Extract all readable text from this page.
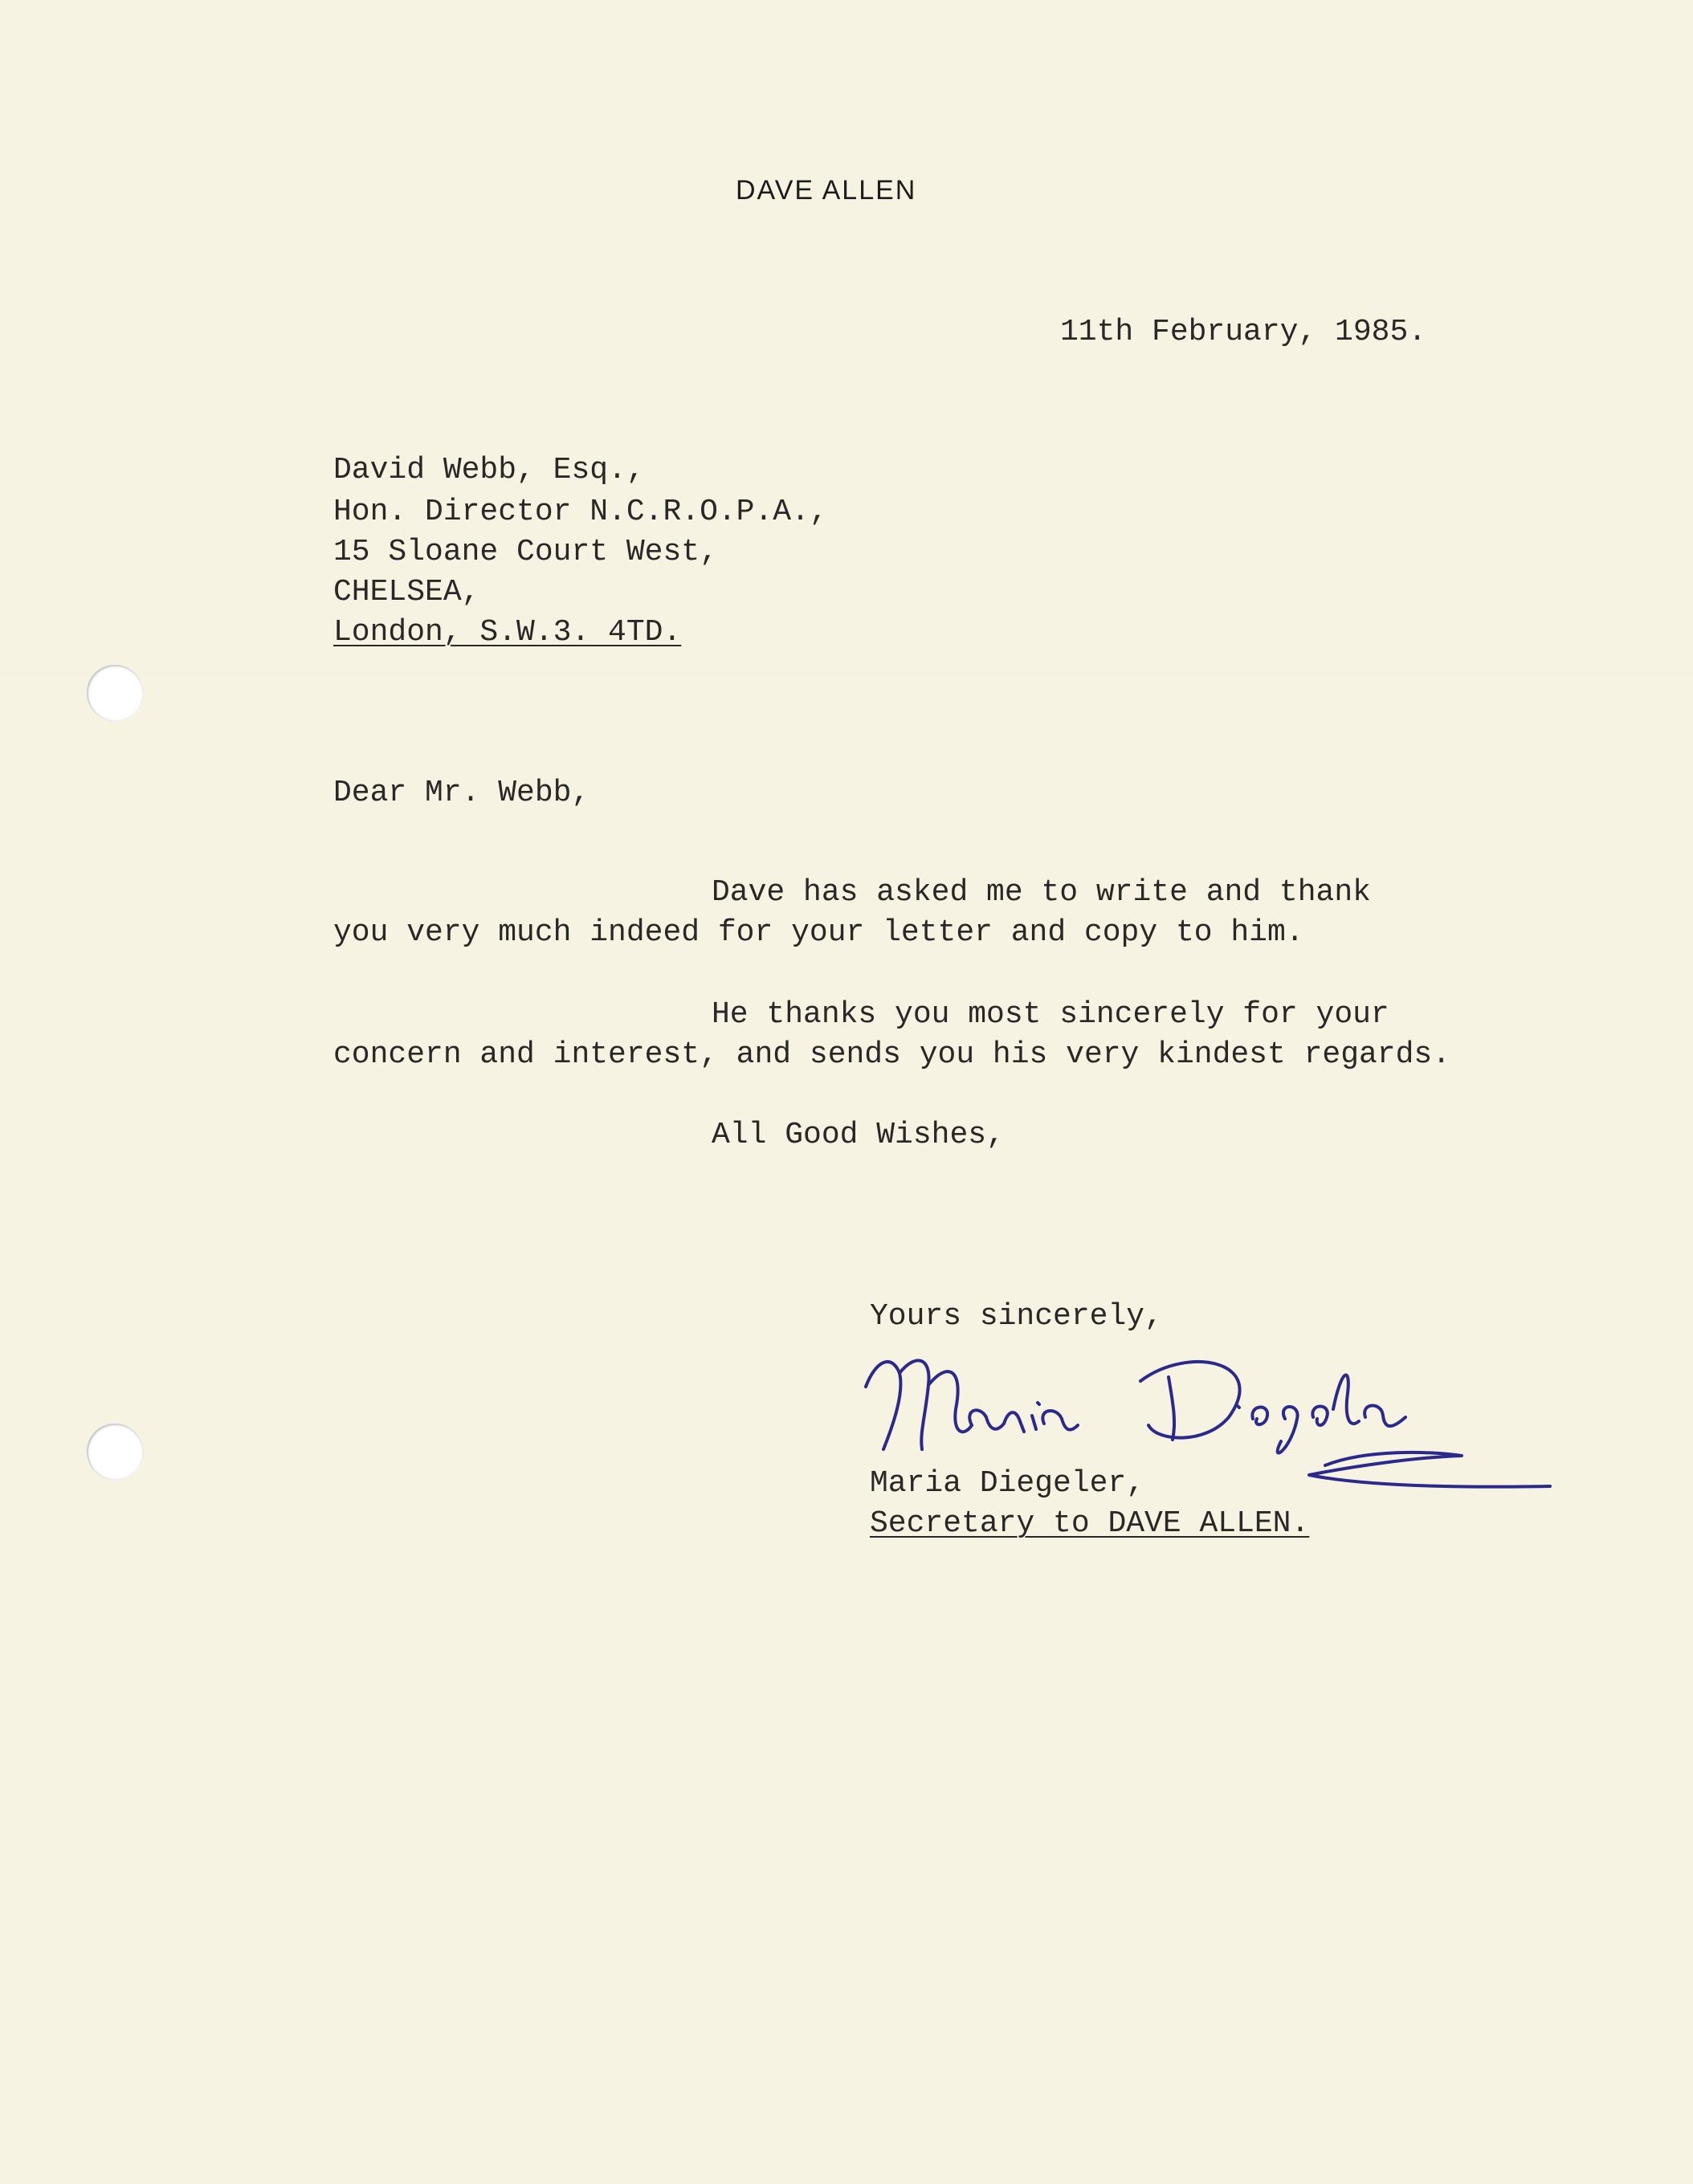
DAVE ALLEN
11th February, 1985.
David Webb, Esq.,
Hon. Director N.C.R.O.P.A.,
15 Sloane Court West,
CHELSEA,
London, S.W.3. 4TD.
Dear Mr. Webb,
Dave has asked me to write and thank
you very much indeed for your letter and copy to him.
He thanks you most sincerely for your
concern and interest, and sends you his very kindest regards.
All Good Wishes,
Yours sincerely,
Maria Diegeler,
Secretary to DAVE ALLEN.
